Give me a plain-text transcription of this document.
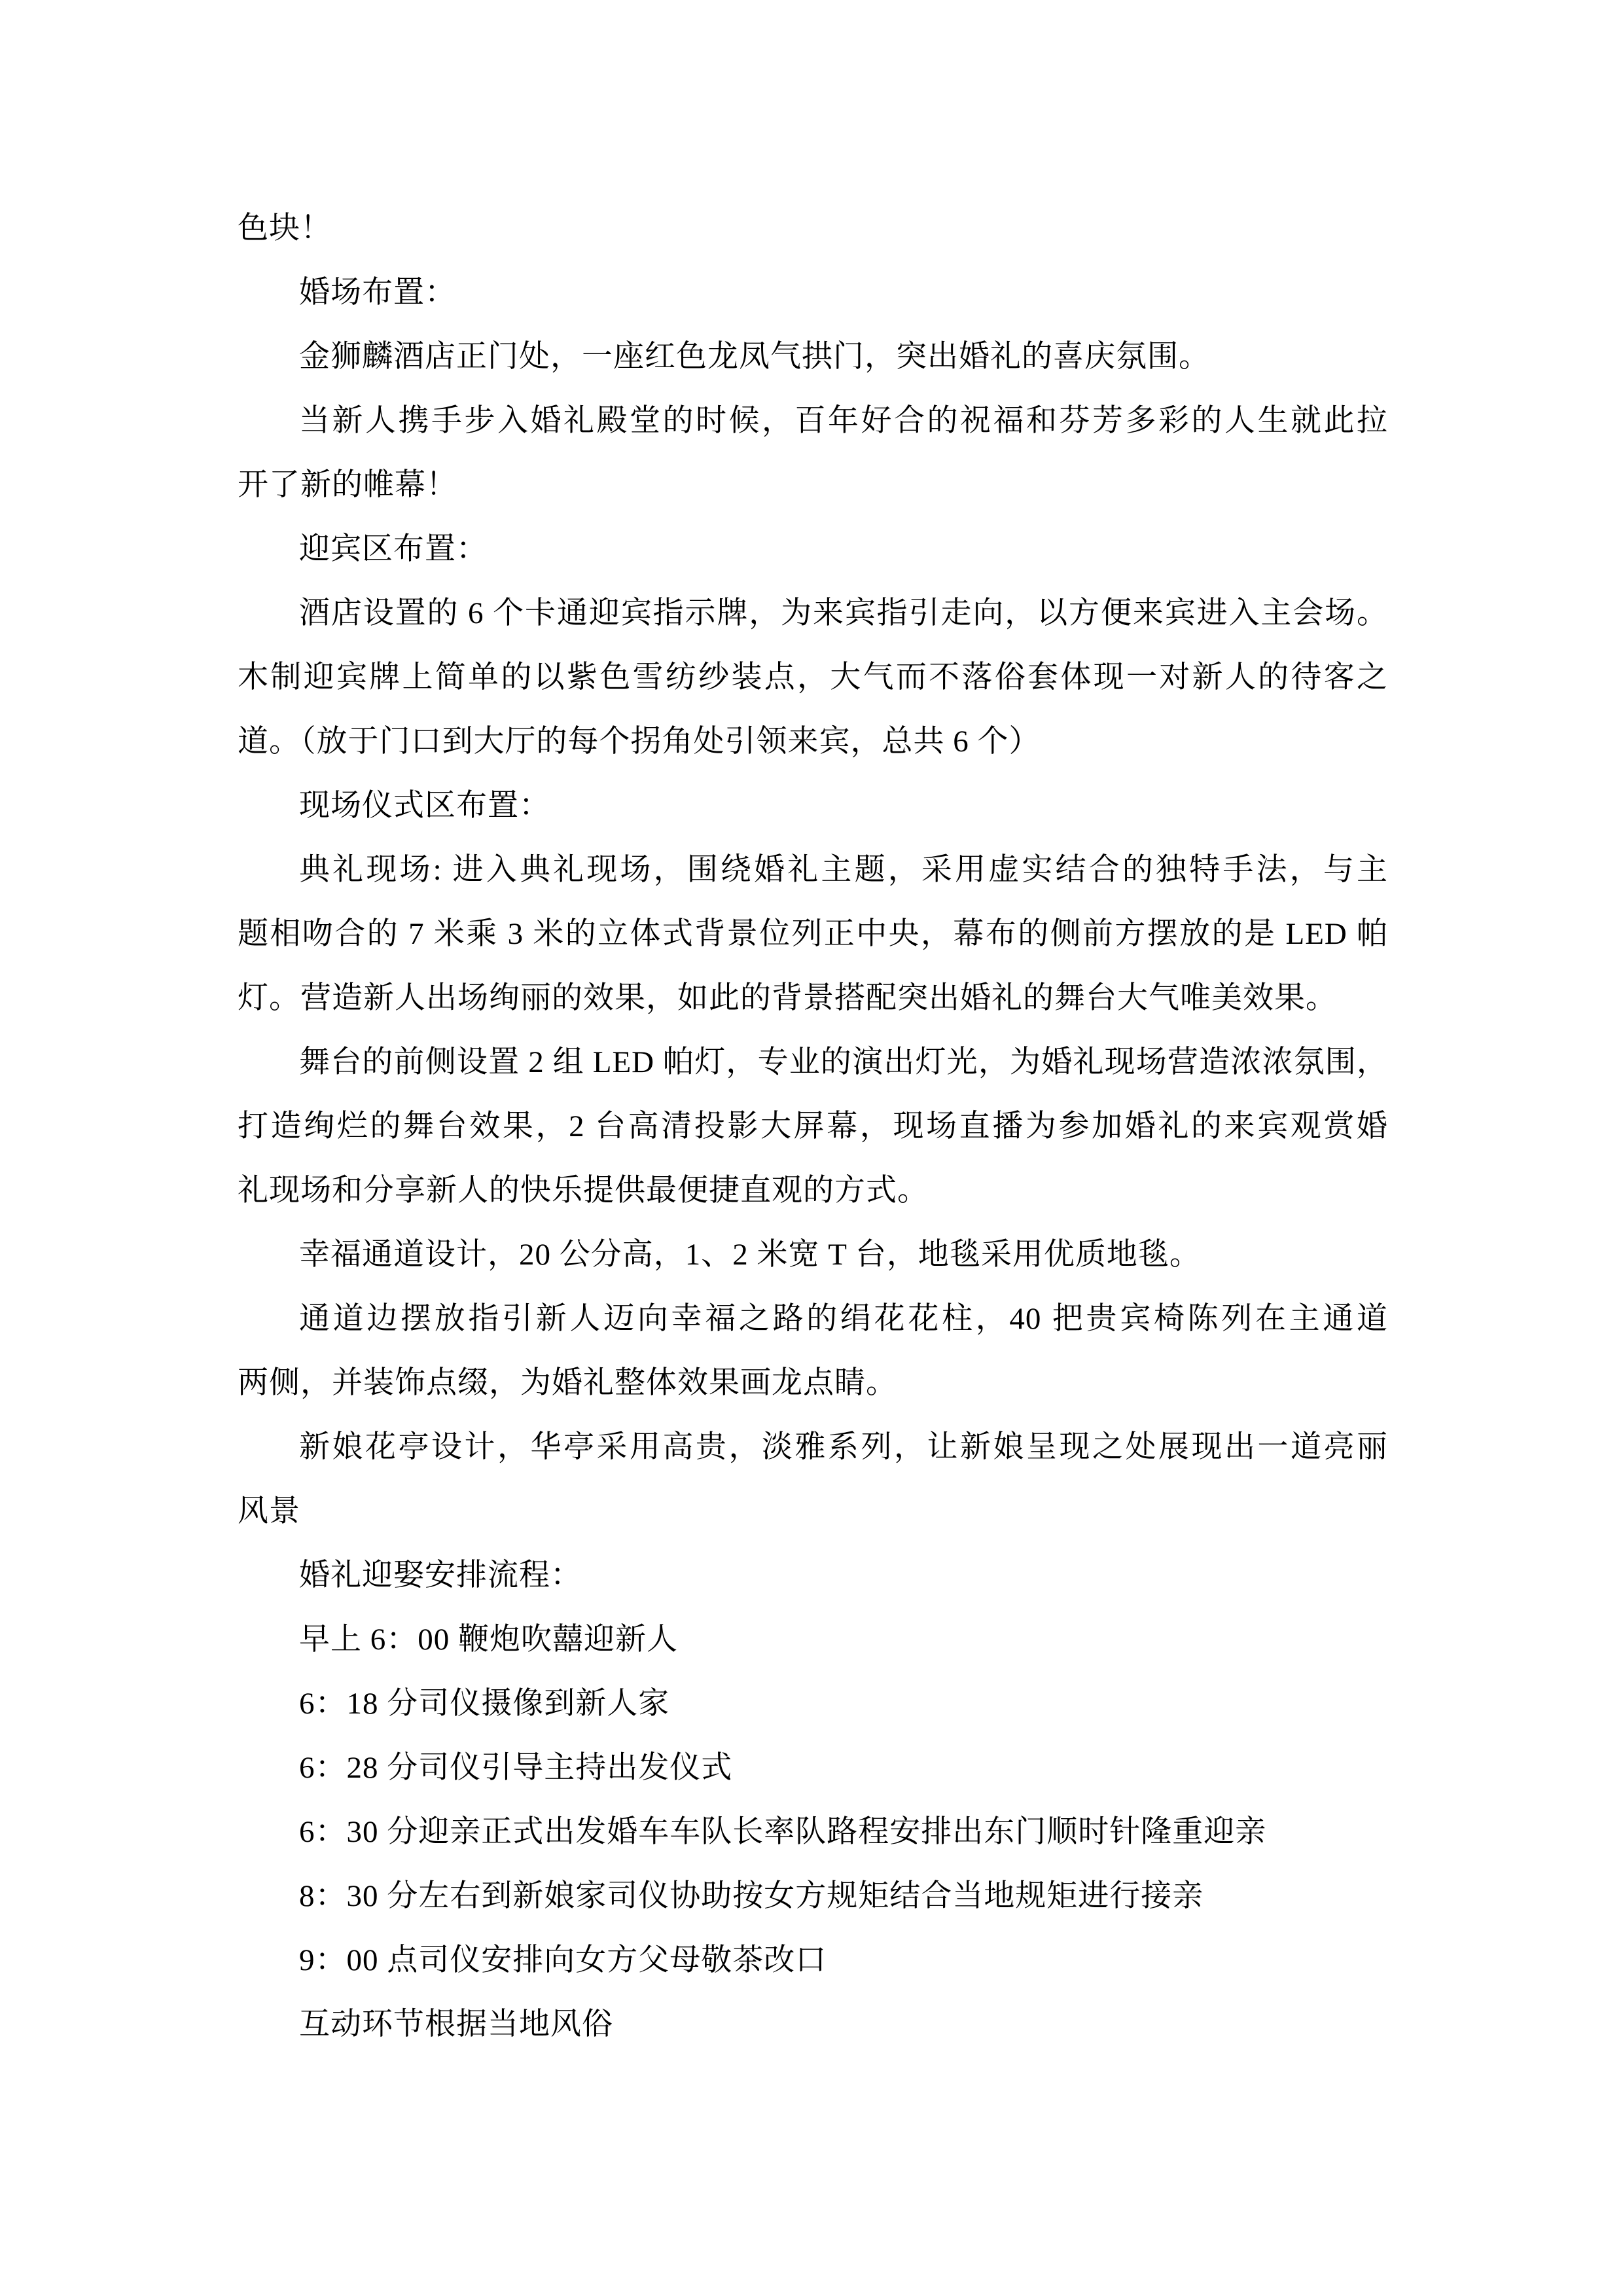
色块！

婚场布置：

金狮麟酒店正门处，一座红色龙凤气拱门，突出婚礼的喜庆氛围。

当新人携手步入婚礼殿堂的时候，百年好合的祝福和芬芳多彩的人生就此拉

开了新的帷幕！

迎宾区布置：

酒店设置的 6 个卡通迎宾指示牌，为来宾指引走向，以方便来宾进入主会场。

木制迎宾牌上简单的以紫色雪纺纱装点，大气而不落俗套体现一对新人的待客之

道。（放于门口到大厅的每个拐角处引领来宾，总共 6 个）

现场仪式区布置：

典礼现场: 进入典礼现场，围绕婚礼主题，采用虚实结合的独特手法，与主

题相吻合的 7 米乘 3 米的立体式背景位列正中央，幕布的侧前方摆放的是 LED 帕

灯。营造新人出场绚丽的效果，如此的背景搭配突出婚礼的舞台大气唯美效果。

舞台的前侧设置 2 组 LED 帕灯，专业的演出灯光，为婚礼现场营造浓浓氛围，

打造绚烂的舞台效果，2 台高清投影大屏幕，现场直播为参加婚礼的来宾观赏婚

礼现场和分享新人的快乐提供最便捷直观的方式。

幸福通道设计，20 公分高，1、2 米宽 T 台，地毯采用优质地毯。

通道边摆放指引新人迈向幸福之路的绢花花柱，40 把贵宾椅陈列在主通道

两侧，并装饰点缀，为婚礼整体效果画龙点睛。

新娘花亭设计，华亭采用高贵，淡雅系列，让新娘呈现之处展现出一道亮丽

风景

婚礼迎娶安排流程：

早上 6：00 鞭炮吹囍迎新人

6：18 分司仪摄像到新人家

6：28 分司仪引导主持出发仪式

6：30 分迎亲正式出发婚车车队长率队路程安排出东门顺时针隆重迎亲

8：30 分左右到新娘家司仪协助按女方规矩结合当地规矩进行接亲

9：00 点司仪安排向女方父母敬茶改口

互动环节根据当地风俗
